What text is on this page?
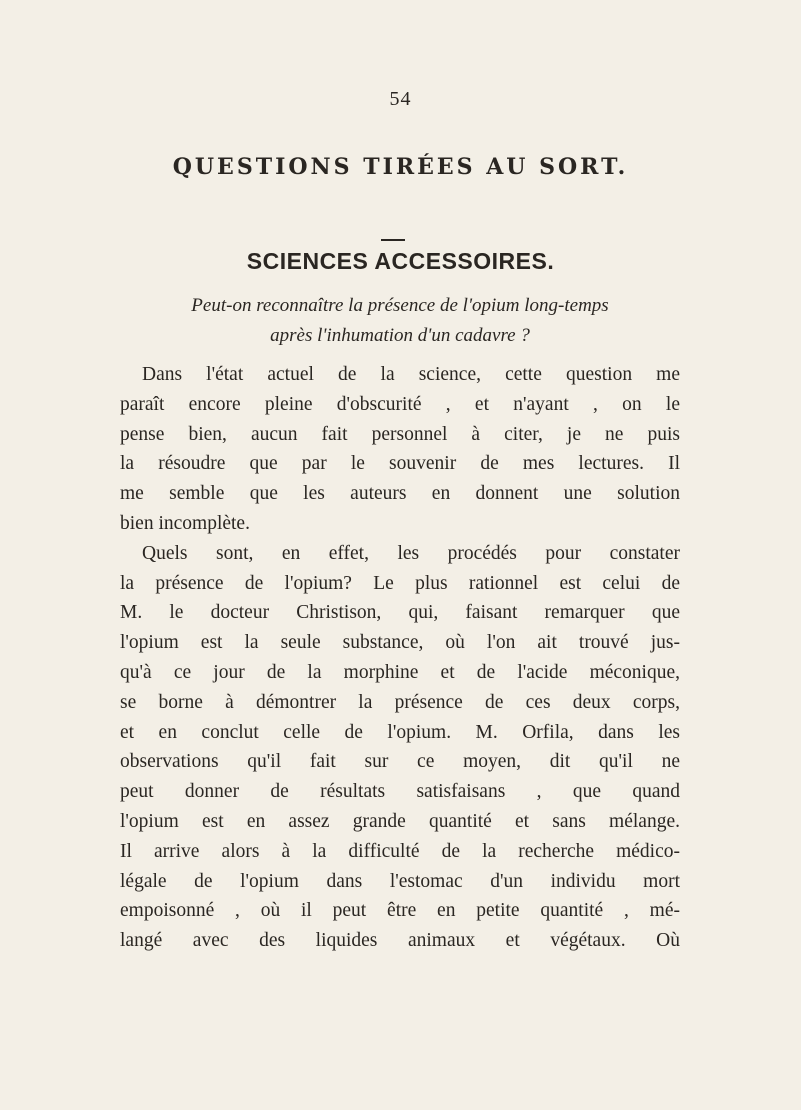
54
QUESTIONS TIRÉES AU SORT.
SCIENCES ACCESSOIRES.
Peut-on reconnaître la présence de l'opium long-temps
après l'inhumation d'un cadavre ?
Dans l'état actuel de la science, cette question me
paraît encore pleine d'obscurité , et n'ayant , on le
pense bien, aucun fait personnel à citer, je ne puis
la résoudre que par le souvenir de mes lectures. Il
me semble que les auteurs en donnent une solution
bien incomplète.
Quels sont, en effet, les procédés pour constater
la présence de l'opium? Le plus rationnel est celui de
M. le docteur Christison, qui, faisant remarquer que
l'opium est la seule substance, où l'on ait trouvé jus-
qu'à ce jour de la morphine et de l'acide méconique,
se borne à démontrer la présence de ces deux corps,
et en conclut celle de l'opium. M. Orfila, dans les
observations qu'il fait sur ce moyen, dit qu'il ne
peut donner de résultats satisfaisans , que quand
l'opium est en assez grande quantité et sans mélange.
Il arrive alors à la difficulté de la recherche médico-
légale de l'opium dans l'estomac d'un individu mort
empoisonné , où il peut être en petite quantité , mé-
langé avec des liquides animaux et végétaux. Où
